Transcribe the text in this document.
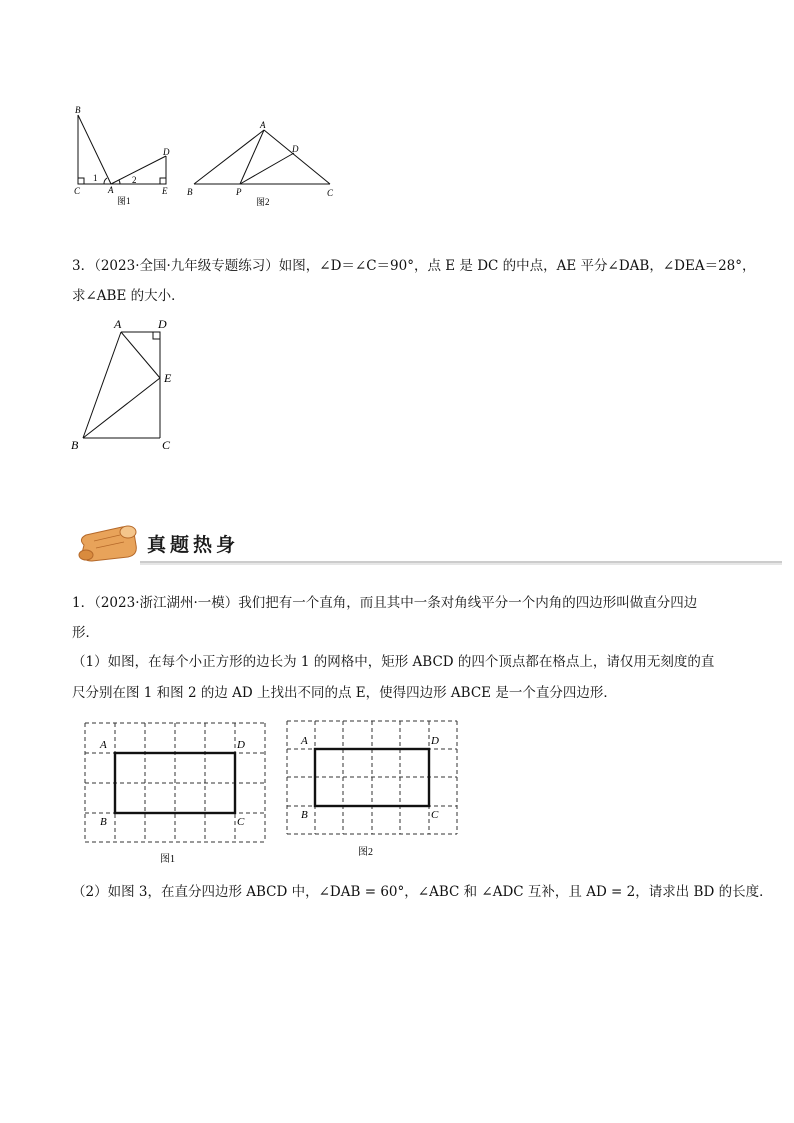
B
C	A
D
E
1	2
图1
A
D
B	P	C
图2
3．（2023·全国·九年级专题练习）如图，∠D＝∠C＝90°，点 E 是 DC 的中点，AE 平分∠DAB，∠DEA＝28°，
求∠ABE 的大小．
A	D
E
B	C
真题热身
1．（2023·浙江湖州·一模）我们把有一个直角，而且其中一条对角线平分一个内角的四边形叫做直分四边
形．
（1）如图，在每个小正方形的边长为 1 的网格中，矩形 ABCD 的四个顶点都在格点上，请仅用无刻度的直
尺分别在图 1 和图 2 的边 AD 上找出不同的点 E，使得四边形 ABCE 是一个直分四边形．
A	D
B	C
图1
A	D
B	C
图2
（2）如图 3，在直分四边形 ABCD 中，∠DAB = 60°，∠ABC 和 ∠ADC 互补，且 AD = 2，请求出 BD 的长度．
